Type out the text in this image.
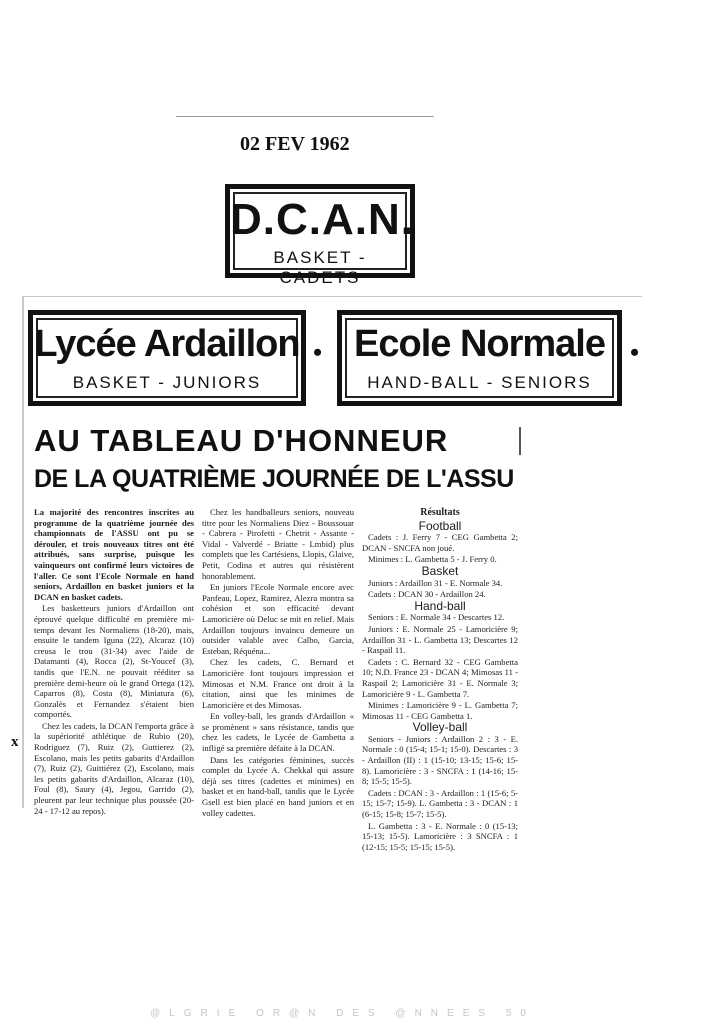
02 FEV 1962
D.C.A.N.
BASKET - CADETS
Lycée Ardaillon
BASKET - JUNIORS
• Ecole Normale
HAND-BALL - SENIORS
•
AU TABLEAU D'HONNEUR
DE LA QUATRIÈME JOURNÉE DE L'ASSU

La majorité des rencontres inscrites au programme de la quatrième journée des championnats de l'ASSU ont pu se dérouler, et trois nouveaux titres ont été attribués, sans surprise, puisque les vainqueurs ont confirmé leurs victoires de l'aller. Ce sont l'Ecole Normale en hand seniors, Ardaillon en basket juniors et la DCAN en basket cadets.

Les basketteurs juniors d'Ardaillon ont éprouvé quelque difficulté en première mi-temps devant les Normaliens (18-20), mais, ensuite le tandem Iguna (22), Alcaraz (10) creusa le trou (31-34) avec l'aide de Datamanti (4), Rocca (2), St-Youcef (3), tandis que l'E.N. ne pouvait rééditer sa première demi-heure où le grand Ortega (12), Caparros (8), Costa (8), Miniatura (6), Gonzalès et Fernandez s'étaient bien comportés.

Chez les cadets, la DCAN l'emporta grâce à la supériorité athlétique de Rubio (20), Rodriguez (7), Ruiz (2), Guttierez (2), Escolano, mais les petits gabarits d'Ardaillon (7), Ruiz (2), Guittiérez (2), Escolano, mais les petits gabarits d'Ardaillon, Alcaraz (10), Foul (8), Saury (4), Jegou, Garrido (2), pleurent par leur technique plus poussée (20-24 - 17-12 au repos).

Chez les handballeurs seniors, nouveau titre pour les Normaliens Diez - Boussouar - Cabrera - Pirofetti - Chetrit - Assante - Vidal - Valverdé - Briatte - Lmbid) plus complets que les Cartésiens, Llopis, Glaive, Petit, Codina et autres qui résistèrent honorablement.

En juniors l'Ecole Normale encore avec Panfeau, Lopez, Ramirez, Alezra montra sa cohésion et son efficacité devant Lamoricière où Deluc se mit en relief. Mais Ardaillon toujours invaincu demeure un outsider valable avec Calbo, Garcia, Esteban, Réquéna...

Chez les cadets, C. Bernard et Lamoricière font toujours impression et Mimosas et N.M. France ont droit à la citation, ainsi que les minimes de Lamoricière et des Mimosas.

En volley-ball, les grands d'Ardaillon « se promènent » sans résistance, tandis que chez les cadets, le Lycée de Gambetta a infligé sa première défaite à la DCAN.

Dans les catégories féminines, succès complet du Lycée A. Chekkal qui assure déjà ses titres (cadettes et minimes) en basket et en hand-ball, tandis que le Lycée Gsell est bien placé en hand juniors et en volley cadettes.

Résultats
Football

Cadets : J. Ferry 7 - CEG Gambetta 2; DCAN - SNCFA non joué.

Minimes : L. Gambetta 5 - J. Ferry 0.

Basket

Juniors : Ardaillon 31 - E. Normale 34.

Cadets : DCAN 30 - Ardaillon 24.

Hand-ball

Seniors : E. Normale 34 - Descartes 12.

Juniors : E. Normale 25 - Lamoricière 9; Ardaillon 31 - L. Gambetta 13; Descartes 12 - Raspail 11.

Cadets : C. Bernard 32 - CEG Gambetta 10; N.D. France 23 - DCAN 4; Mimosas 11 - Raspail 2; Lamoricière 31 - E. Normale 3; Lamoricière 9 - L. Gambetta 7.

Minimes : Lamoricière 9 - L. Gambetta 7; Mimosas 11 - CEG Gambetta 1.

Volley-ball

Seniors - Juniors : Ardaillon 2 : 3 - E. Normale : 0 (15-4; 15-1; 15-0). Descartes : 3 - Ardaillon (II) : 1 (15-10; 13-15; 15-6; 15-8). Lamoricière : 3 - SNCFA : 1 (14-16; 15-8; 15-5; 15-5).

Cadets : DCAN : 3 - Ardaillon : 1 (15-6; 5-15; 15-7; 15-9). L. Gambetta : 3 - DCAN : 1 (6-15; 15-8; 15-7; 15-5).

L. Gambetta : 3 - E. Normale : 0 (15-13; 15-13; 15-5). Lamoricière : 3 SNCFA : 1 (12-15; 15-5; 15-15; 15-5).

x
@LGRIE OR@N DES @NNEES 50
